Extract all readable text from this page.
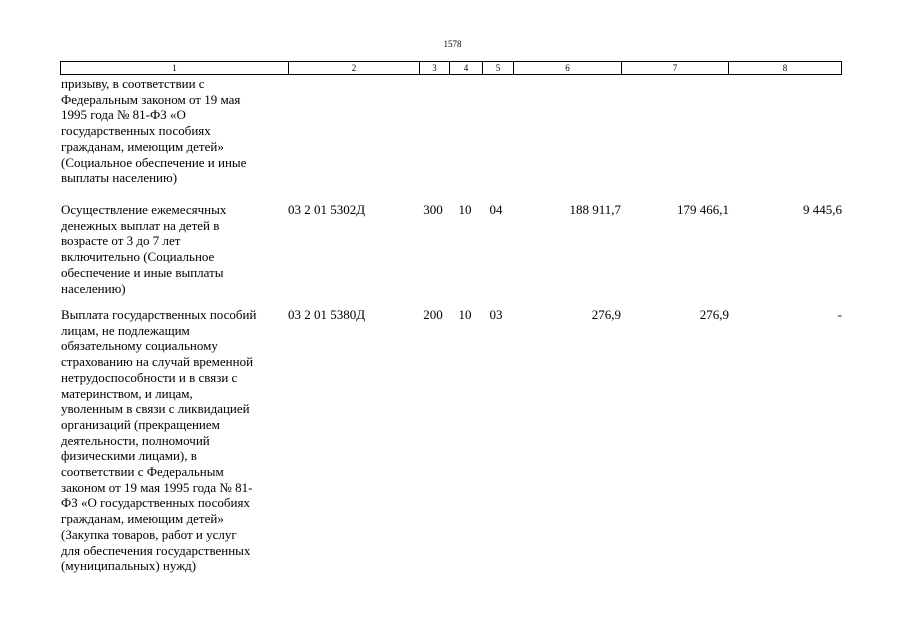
1578
1	2	3	4	5	6	7	8
призыву, в соответствии с
Федеральным законом от 19 мая
1995 года № 81-ФЗ «О
государственных пособиях
гражданам, имеющим детей»
(Социальное обеспечение и иные
выплаты населению)
Осуществление ежемесячных
денежных выплат на детей в
возрасте от 3 до 7 лет
включительно (Социальное
обеспечение и иные выплаты
населению)
03 2 01 5302Д	300	10	04	188 911,7	179 466,1	9 445,6
Выплата государственных пособий
лицам, не подлежащим
обязательному социальному
страхованию на случай временной
нетрудоспособности и в связи с
материнством, и лицам,
уволенным в связи с ликвидацией
организаций (прекращением
деятельности, полномочий
физическими лицами), в
соответствии с Федеральным
законом от 19 мая 1995 года № 81-
ФЗ «О государственных пособиях
гражданам, имеющим детей»
(Закупка товаров, работ и услуг
для обеспечения государственных
(муниципальных) нужд)
03 2 01 5380Д	200	10	03	276,9	276,9	-
